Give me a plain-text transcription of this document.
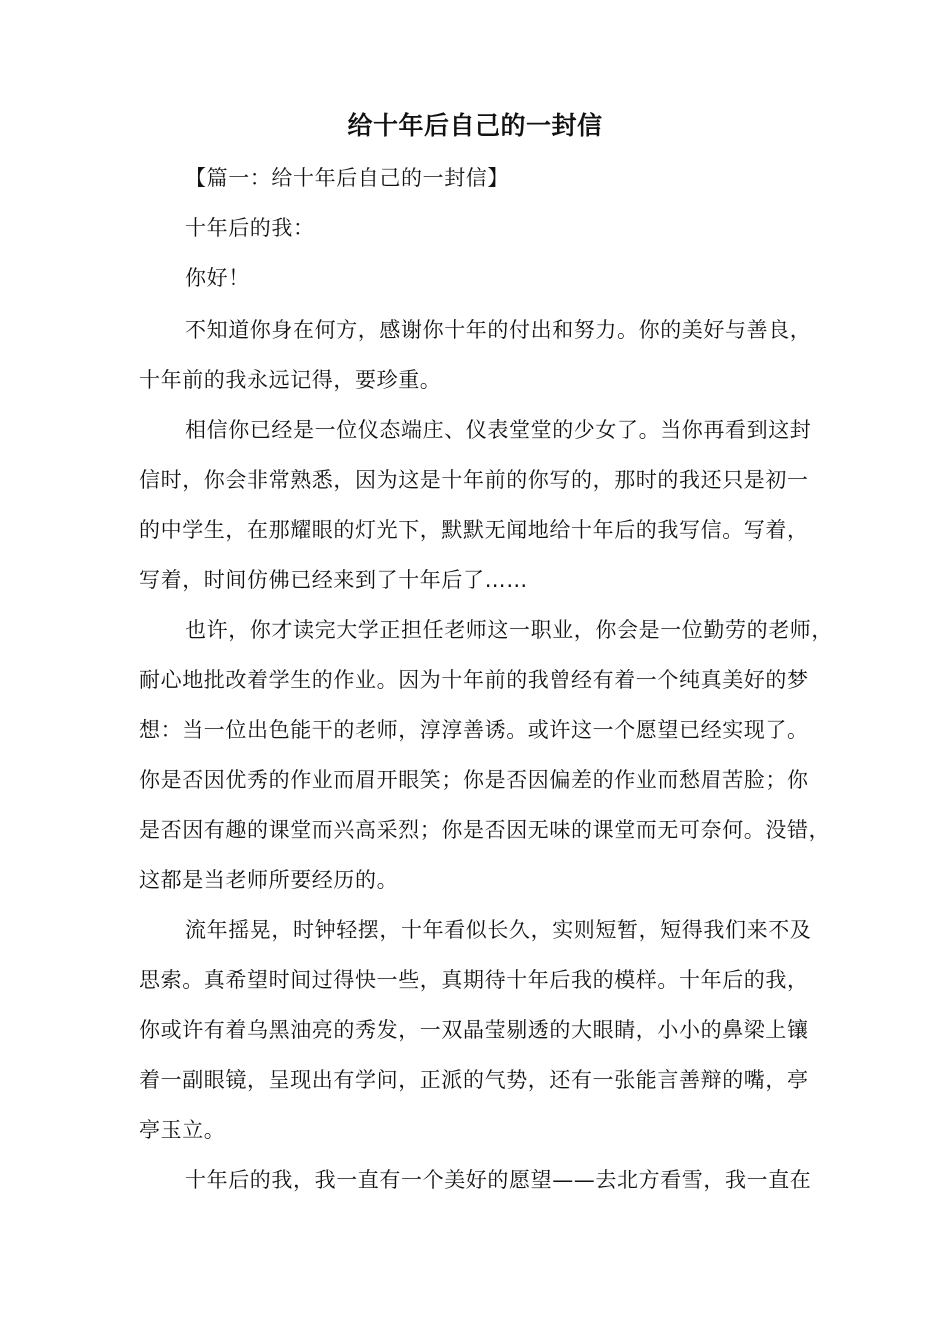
给十年后自己的一封信
【篇一：给十年后自己的一封信】
十年后的我：
你好！
不知道你身在何方，感谢你十年的付出和努力。你的美好与善良，
十年前的我永远记得，要珍重。
相信你已经是一位仪态端庄、仪表堂堂的少女了。当你再看到这封
信时，你会非常熟悉，因为这是十年前的你写的，那时的我还只是初一
的中学生，在那耀眼的灯光下，默默无闻地给十年后的我写信。写着，
写着，时间仿佛已经来到了十年后了……
也许，你才读完大学正担任老师这一职业，你会是一位勤劳的老师，
耐心地批改着学生的作业。因为十年前的我曾经有着一个纯真美好的梦
想：当一位出色能干的老师，淳淳善诱。或许这一个愿望已经实现了。
你是否因优秀的作业而眉开眼笑；你是否因偏差的作业而愁眉苦脸；你
是否因有趣的课堂而兴高采烈；你是否因无味的课堂而无可奈何。没错，
这都是当老师所要经历的。
流年摇晃，时钟轻摆，十年看似长久，实则短暂，短得我们来不及
思索。真希望时间过得快一些，真期待十年后我的模样。十年后的我，
你或许有着乌黑油亮的秀发，一双晶莹剔透的大眼睛，小小的鼻梁上镶
着一副眼镜，呈现出有学问，正派的气势，还有一张能言善辩的嘴，亭
亭玉立。
十年后的我，我一直有一个美好的愿望——去北方看雪，我一直在
